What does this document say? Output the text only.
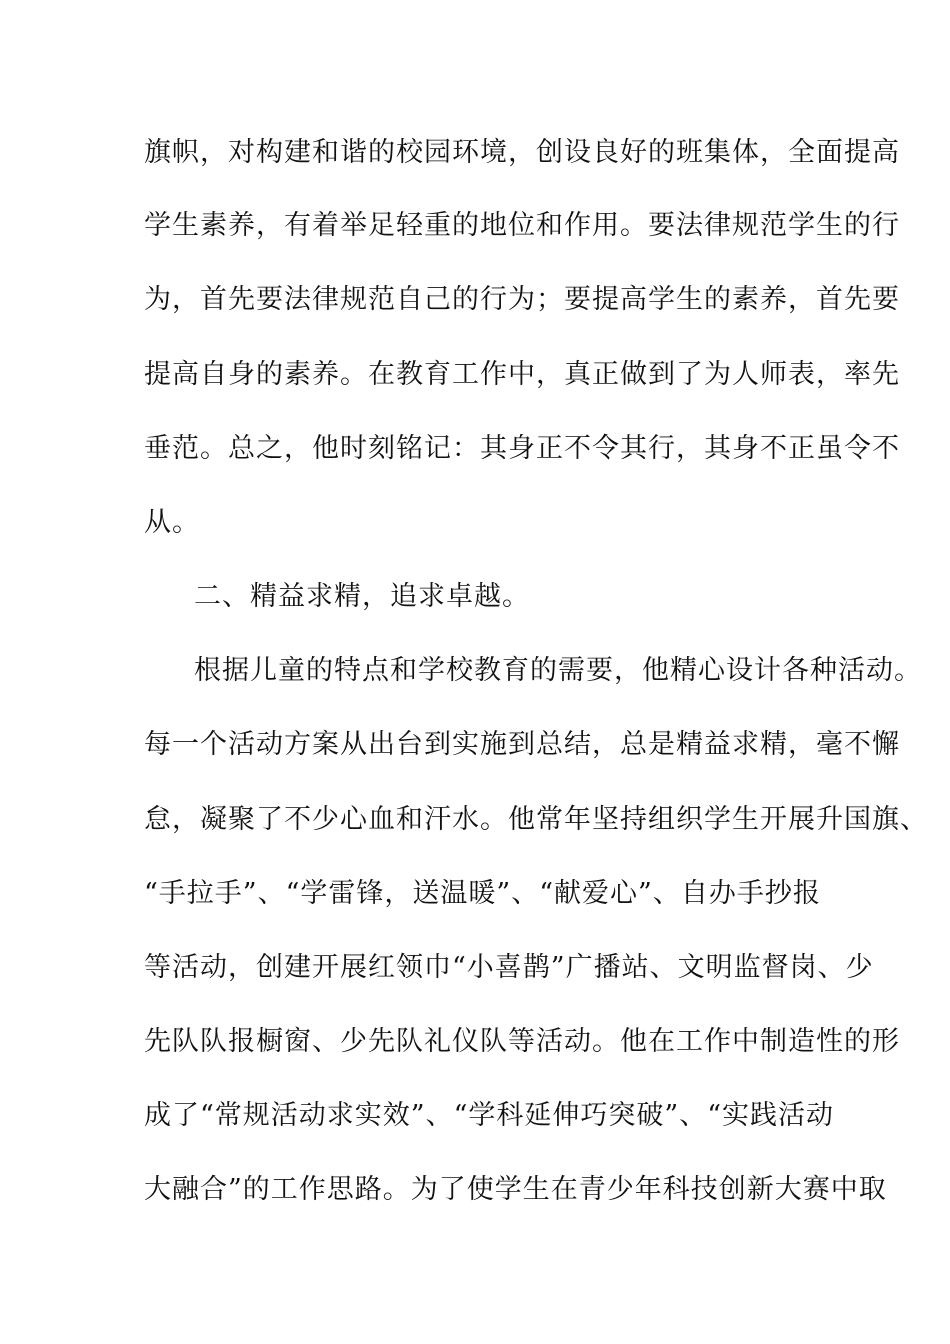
旗帜，对构建和谐的校园环境，创设良好的班集体，全面提高
学生素养，有着举足轻重的地位和作用。要法律规范学生的行
为，首先要法律规范自己的行为；要提高学生的素养，首先要
提高自身的素养。在教育工作中，真正做到了为人师表，率先
垂范。总之，他时刻铭记：其身正不令其行，其身不正虽令不
从。
二、精益求精，追求卓越。
根据儿童的特点和学校教育的需要，他精心设计各种活动。
每一个活动方案从出台到实施到总结，总是精益求精，毫不懈
怠，凝聚了不少心血和汗水。他常年坚持组织学生开展升国旗、
“手拉手”、“学雷锋，送温暖”、“献爱心”、自办手抄报
等活动，创建开展红领巾“小喜鹊”广播站、文明监督岗、少
先队队报橱窗、少先队礼仪队等活动。他在工作中制造性的形
成了“常规活动求实效”、“学科延伸巧突破”、“实践活动
大融合”的工作思路。为了使学生在青少年科技创新大赛中取
